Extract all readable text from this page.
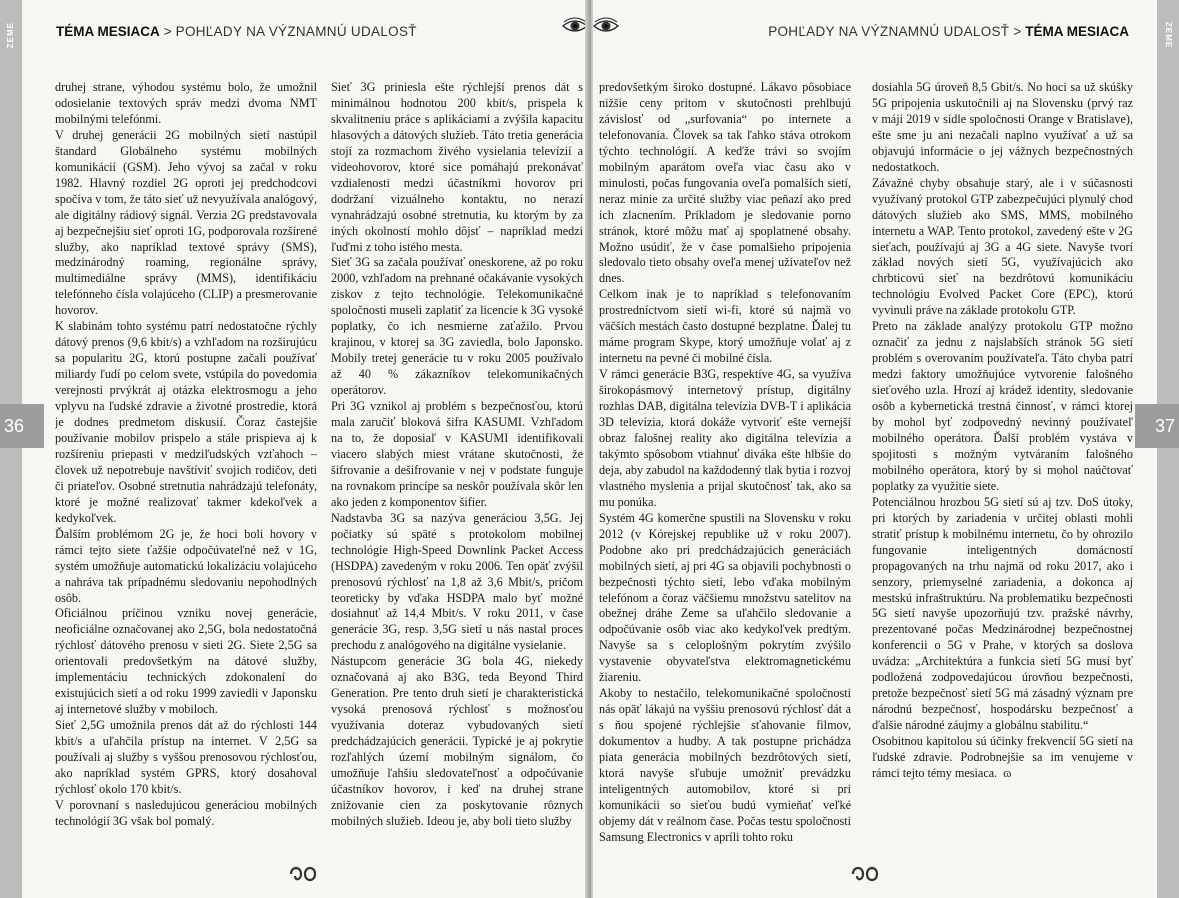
ZEME
36
TÉMA MESIACA > POHĽADY NA VÝZNAMNÚ UDALOSŤ

druhej strane, výhodou systému bolo, že umožnil odosielanie textových správ medzi dvoma NMT mobilnými telefónmi.

V druhej generácii 2G mobilných sietí nastúpil štandard Globálneho systému mobilných komunikácií (GSM). Jeho vývoj sa začal v roku 1982. Hlavný rozdiel 2G oproti jej predchodcovi spočíva v tom, že táto sieť už nevyužívala analógový, ale digitálny rádiový signál. Verzia 2G predstavovala aj bezpečnejšiu sieť oproti 1G, podporovala rozšírené služby, ako napríklad textové správy (SMS), medzinárodný roaming, regionálne správy, multimediálne správy (MMS), identifikáciu telefónneho čísla volajúceho (CLIP) a presmerovanie hovorov.

K slabinám tohto systému patrí nedostatočne rýchly dátový prenos (9,6 kbit/s) a vzhľadom na rozširujúcu sa popularitu 2G, ktorú postupne začali používať miliardy ľudí po celom svete, vstúpila do povedomia verejnosti prvýkrát aj otázka elektrosmogu a jeho vplyvu na ľudské zdravie a životné prostredie, ktorá je dodnes predmetom diskusií. Čoraz častejšie používanie mobilov prispelo a stále prispieva aj k rozšíreniu priepasti v medziľudských vzťahoch – človek už nepotrebuje navštíviť svojich rodičov, deti či priateľov. Osobné stretnutia nahrádzajú telefonáty, ktoré je možné realizovať takmer kdekoľvek a kedykoľvek.

Ďalším problémom 2G je, že hoci boli hovory v rámci tejto siete ťažšie odpočúvateľné než v 1G, systém umožňuje automatickú lokalizáciu volajúceho a nahráva tak prípadnému sledovaniu nepohodlných osôb.

Oficiálnou príčinou vzniku novej generácie, neoficiálne označovanej ako 2,5G, bola nedostatočná rýchlosť dátového prenosu v sieti 2G. Siete 2,5G sa orientovali predovšetkým na dátové služby, implementáciu technických zdokonalení do existujúcich sietí a od roku 1999 zaviedli v Japonsku aj internetové služby v mobiloch.

Sieť 2,5G umožnila prenos dát až do rýchlosti 144 kbit/s a uľahčila prístup na internet. V 2,5G sa používali aj služby s vyššou prenosovou rýchlosťou, ako napríklad systém GPRS, ktorý dosahoval rýchlosť okolo 170 kbit/s.

V porovnaní s nasledujúcou generáciou mobilných technológií 3G však bol pomalý.

Sieť 3G priniesla ešte rýchlejší prenos dát s minimálnou hodnotou 200 kbit/s, prispela k skvalitneniu práce s aplikáciami a zvýšila kapacitu hlasových a dátových služieb. Táto tretia generácia stojí za rozmachom živého vysielania televízií a videohovorov, ktoré sice pomáhajú prekonávať vzdialenosti medzi účastníkmi hovorov pri dodržaní vizuálneho kontaktu, no nerazí vynahrádzajú osobné stretnutia, ku ktorým by za iných okolností mohlo dôjsť – napríklad medzi ľuďmi z toho istého mesta.

Sieť 3G sa začala používať oneskorene, až po roku 2000, vzhľadom na prehnané očakávanie vysokých ziskov z tejto technológie. Telekomunikačné spoločnosti museli zaplatiť za licencie k 3G vysoké poplatky, čo ich nesmierne zaťažilo. Prvou krajinou, v ktorej sa 3G zaviedla, bolo Japonsko. Mobily tretej generácie tu v roku 2005 používalo až 40 % zákazníkov telekomunikačných operátorov.

Pri 3G vznikol aj problém s bezpečnosťou, ktorú mala zaručiť bloková šifra KASUMI. Vzhľadom na to, že doposiaľ v KASUMI identifikovali viacero slabých miest vrátane skutočnosti, že šifrovanie a dešifrovanie v nej v podstate funguje na rovnakom princípe sa neskôr používala skôr len ako jeden z komponentov šifier.

Nadstavba 3G sa nazýva generáciou 3,5G. Jej počiatky sú späté s protokolom mobilnej technológie High-Speed Downlink Packet Access (HSDPA) zavedeným v roku 2006. Ten opäť zvýšil prenosovú rýchlosť na 1,8 až 3,6 Mbit/s, pričom teoreticky by vďaka HSDPA malo byť možné dosiahnuť až 14,4 Mbit/s. V roku 2011, v čase generácie 3G, resp. 3,5G sietí u nás nastal proces prechodu z analógového na digitálne vysielanie.

Nástupcom generácie 3G bola 4G, niekedy označovaná aj ako B3G, teda Beyond Third Generation. Pre tento druh sietí je charakteristická vysoká prenosová rýchlosť s možnosťou využívania doteraz vybudovaných sietí predchádzajúcich generácii. Typické je aj pokrytie rozľahlých území mobilným signálom, čo umožňuje ľahšiu sledovateľnosť a odpočúvanie účastníkov hovorov, i keď na druhej strane znižovanie cien za poskytovanie rôznych mobilných služieb. Ideou je, aby boli tieto služby

POHĽADY NA VÝZNAMNÚ UDALOSŤ > TÉMA MESIACA	ZEME
37

predovšetkým široko dostupné. Lákavo pôsobiace nižšie ceny pritom v skutočnosti prehlbujú závislosť od „surfovania“ po internete a telefonovania. Človek sa tak ľahko stáva otrokom týchto technológií. A keďže trávi so svojím mobilným aparátom oveľa viac času ako v minulosti, počas fungovania oveľa pomalších sietí, neraz minie za určité služby viac peňazí ako pred ich zlacnením. Príkladom je sledovanie porno stránok, ktoré môžu mať aj spoplatnené obsahy. Možno usúdiť, že v čase pomalšieho pripojenia sledovalo tieto obsahy oveľa menej užívateľov než dnes.

Celkom inak je to napríklad s telefonovaním prostredníctvom sietí wi-fi, ktoré sú najmä vo väčších mestách často dostupné bezplatne. Ďalej tu máme program Skype, ktorý umožňuje volať aj z internetu na pevné či mobilné čísla.

V rámci generácie B3G, respektíve 4G, sa využíva širokopásmový internetový prístup, digitálny rozhlas DAB, digitálna televízia DVB-T i aplikácia 3D televízia, ktorá dokáže vytvoriť ešte vernejší obraz falošnej reality ako digitálna televízia a takýmto spôsobom vtiahnuť diváka ešte hlbšie do deja, aby zabudol na každodenný tlak bytia i rozvoj vlastného myslenia a prijal skutočnosť tak, ako sa mu ponúka.

Systém 4G komerčne spustili na Slovensku v roku 2012 (v Kórejskej republike už v roku 2007). Podobne ako pri predchádzajúcich generáciách mobilných sietí, aj pri 4G sa objavili pochybnosti o bezpečnosti týchto sietí, lebo vďaka mobilným telefónom a čoraz väčšiemu množstvu satelitov na obežnej dráhe Zeme sa uľahčilo sledovanie a odpočúvanie osôb viac ako kedykoľvek predtým. Navyše sa s celoplošným pokrytím zvýšilo vystavenie obyvateľstva elektromagnetickému žiareniu.

Akoby to nestačilo, telekomunikačné spoločnosti nás opäť lákajú na vyššiu prenosovú rýchlosť dát a s ňou spojené rýchlejšie sťahovanie filmov, dokumentov a hudby. A tak postupne prichádza piata generácia mobilných bezdrôtových sietí, ktorá navyše sľubuje umožniť prevádzku inteligentných automobilov, ktoré si pri komunikácii so sieťou budú vymieňať veľké objemy dát v reálnom čase. Počas testu spoločnosti Samsung Electronics v apríli tohto roku

dosiahla 5G úroveň 8,5 Gbit/s. No hoci sa už skúšky 5G pripojenia uskutočnili aj na Slovensku (prvý raz v máji 2019 v sídle spoločnosti Orange v Bratislave), ešte sme ju ani nezačali naplno využívať a už sa objavujú informácie o jej vážnych bezpečnostných nedostatkoch.

Závažné chyby obsahuje starý, ale i v súčasnosti využívaný protokol GTP zabezpečujúci plynulý chod dátových služieb ako SMS, MMS, mobilného internetu a WAP. Tento protokol, zavedený ešte v 2G sieťach, používajú aj 3G a 4G siete. Navyše tvorí základ nových sietí 5G, využívajúcich ako chrbticovú sieť na bezdrôtovú komunikáciu technológiu Evolved Packet Core (EPC), ktorú vyvinuli práve na základe protokolu GTP.

Preto na základe analýzy protokolu GTP možno označiť za jednu z najslabších stránok 5G sietí problém s overovaním používateľa. Táto chyba patrí medzi faktory umožňujúce vytvorenie falošného sieťového uzla. Hrozí aj krádež identity, sledovanie osôb a kybernetická trestná činnosť, v rámci ktorej by mohol byť zodpovedný nevinný používateľ mobilného operátora. Ďalší problém vystáva v spojitosti s možným vytváraním falošného mobilného operátora, ktorý by si mohol naúčtovať poplatky za využitie siete.

Potenciálnou hrozbou 5G sietí sú aj tzv. DoS útoky, pri ktorých by zariadenia v určitej oblasti mohli stratiť prístup k mobilnému internetu, čo by ohrozilo fungovanie inteligentných domácností propagovaných na trhu najmä od roku 2017, ako i senzory, priemyselné zariadenia, a dokonca aj mestskú infraštruktúru. Na problematiku bezpečnosti 5G sietí navyše upozorňujú tzv. pražské návrhy, prezentované počas Medzinárodnej bezpečnostnej konferencii o 5G v Prahe, v ktorých sa doslova uvádza: „Architektúra a funkcia sietí 5G musí byť podložená zodpovedajúcou úrovňou bezpečnosti, pretože bezpečnosť sietí 5G má zásadný význam pre národnú bezpečnosť, hospodársku bezpečnosť a ďalšie národné záujmy a globálnu stabilitu.“

Osobitnou kapitolou sú účinky frekvencií 5G sietí na ľudské zdravie. Podrobnejšie sa im venujeme v rámci tejto témy mesiaca. ɷ
